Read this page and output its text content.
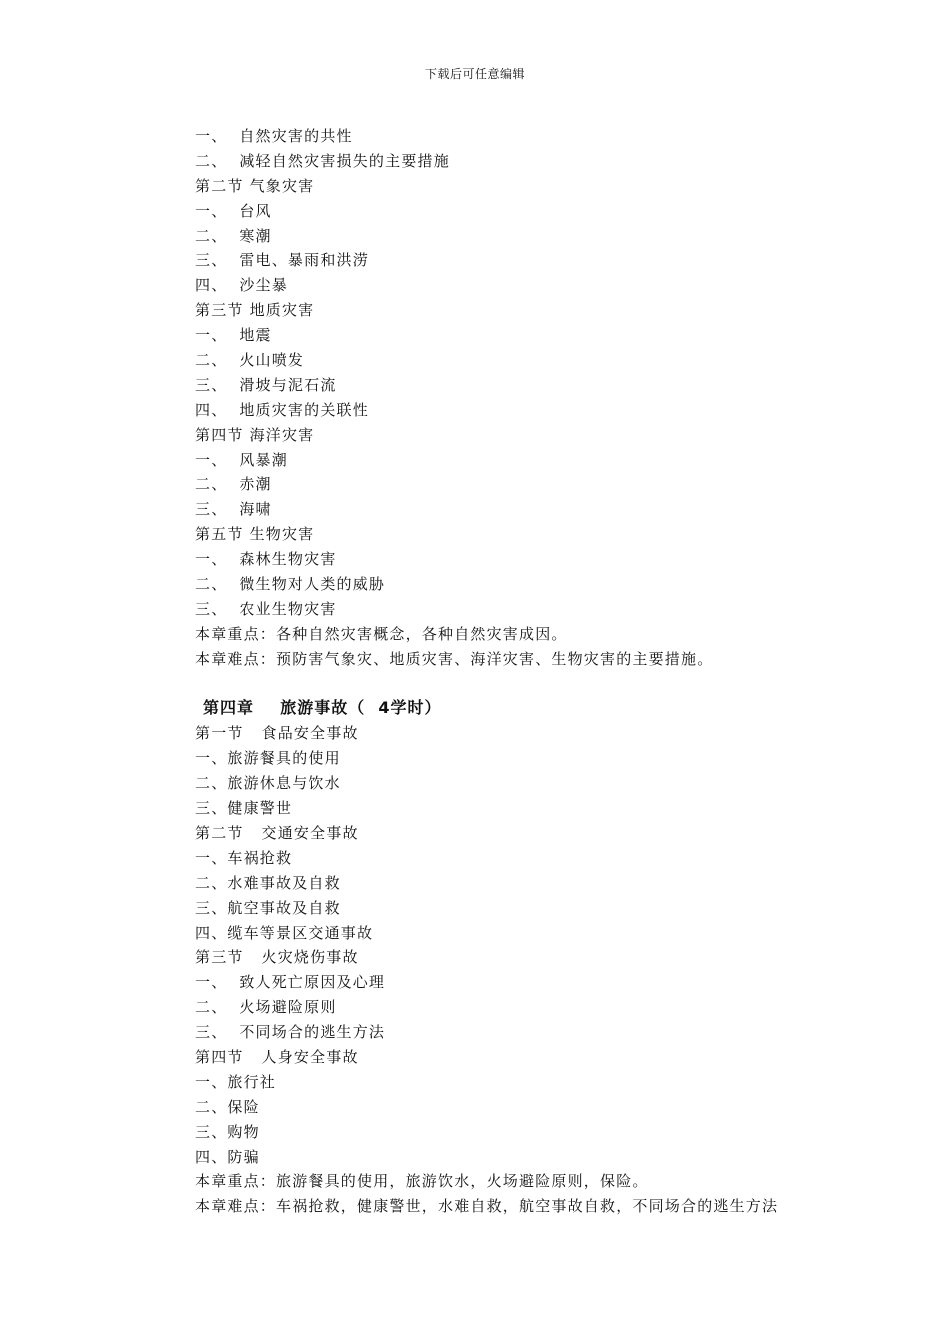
下载后可任意编辑
一、  自然灾害的共性
二、  减轻自然灾害损失的主要措施
第二节 气象灾害
一、  台风
二、  寒潮
三、  雷电、暴雨和洪涝
四、  沙尘暴
第三节 地质灾害
一、  地震
二、  火山喷发
三、  滑坡与泥石流
四、  地质灾害的关联性
第四节 海洋灾害
一、  风暴潮
二、  赤潮
三、  海啸
第五节 生物灾害
一、  森林生物灾害
二、  微生物对人类的威胁
三、  农业生物灾害
本章重点：各种自然灾害概念，各种自然灾害成因。
本章难点：预防害气象灾、地质灾害、海洋灾害、生物灾害的主要措施。
第四章    旅游事故（  4学时）
第一节   食品安全事故
一、旅游餐具的使用
二、旅游休息与饮水
三、健康警世
第二节   交通安全事故
一、车祸抢救
二、水难事故及自救
三、航空事故及自救
四、缆车等景区交通事故
第三节   火灾烧伤事故
一、  致人死亡原因及心理
二、  火场避险原则
三、  不同场合的逃生方法
第四节   人身安全事故
一、旅行社
二、保险
三、购物
四、防骗
本章重点：旅游餐具的使用，旅游饮水，火场避险原则，保险。
本章难点：车祸抢救，健康警世，水难自救，航空事故自救，不同场合的逃生方法
